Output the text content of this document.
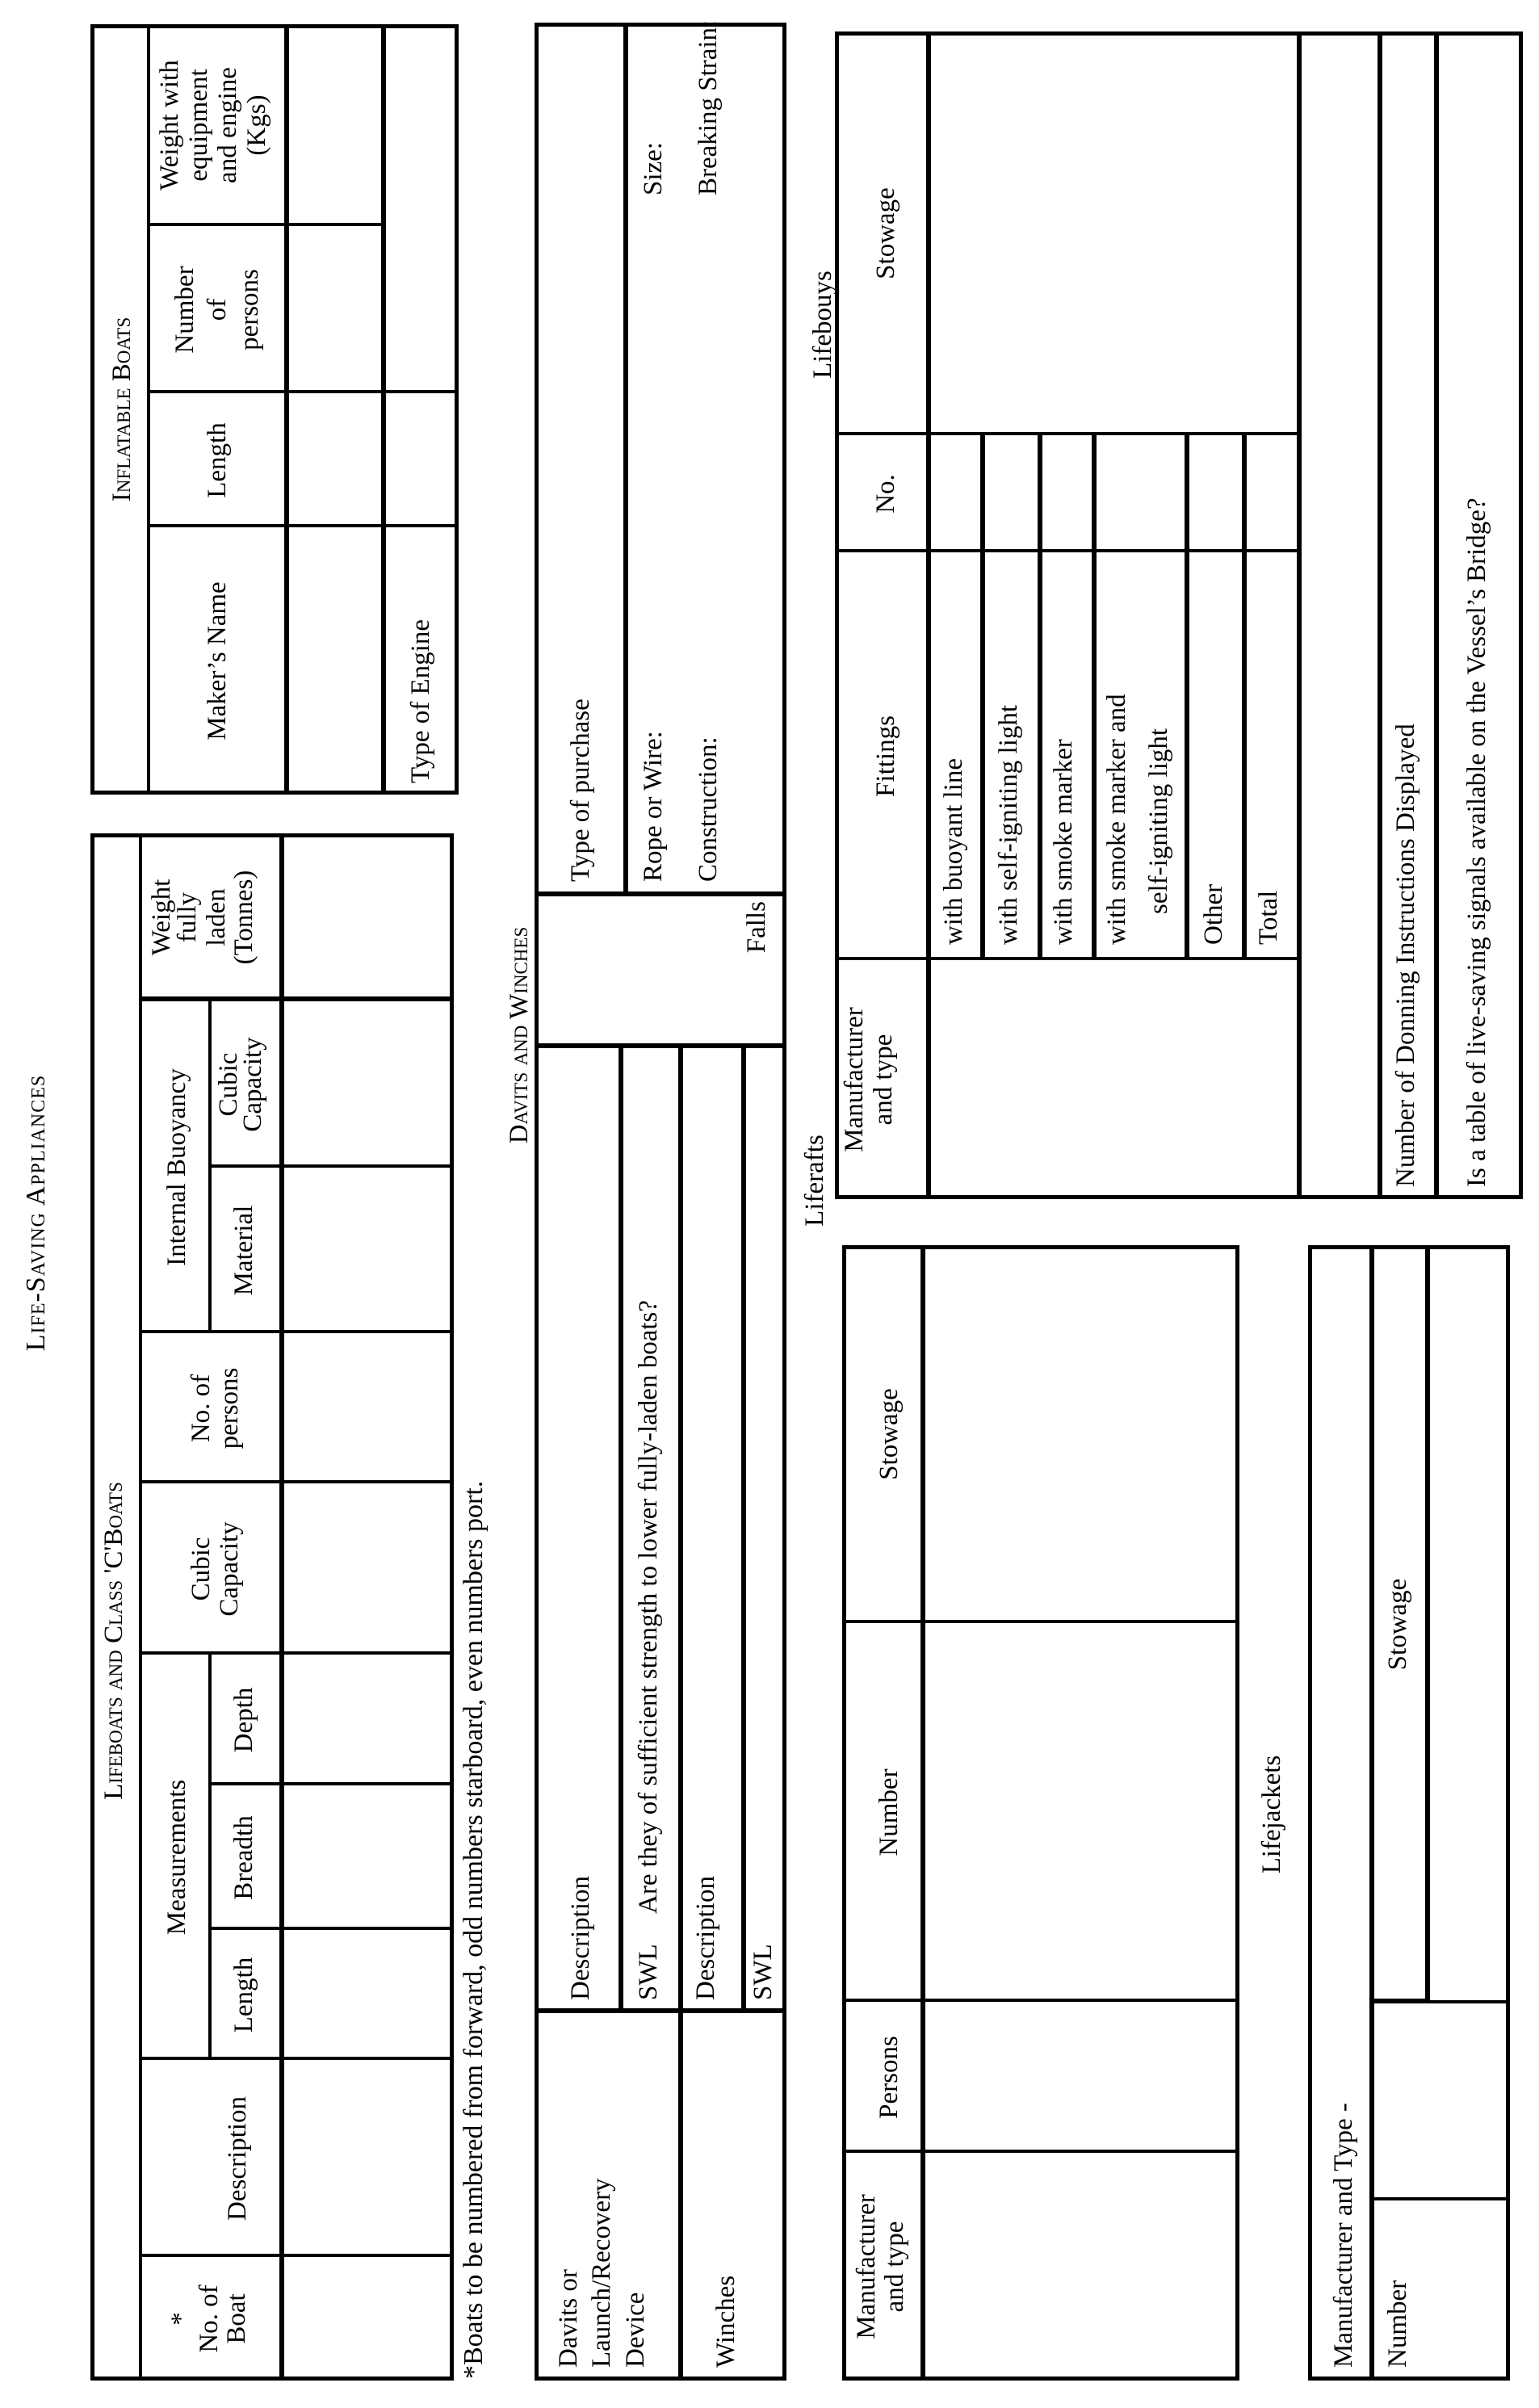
Life-Saving Appliances
Lifeboats and Class 'C'Boats
* No. of
Boat
Description
Measurements
Length
Breadth
Depth
Cubic Capacity
No. of persons
Internal Buoyancy Material
Cubic
Capacity
Weight
fully laden
(Tonnes)
*Boats to be numbered from forward, odd numbers starboard, even numbers port.
Inflatable Boats
Maker’s Name
Length
Number of persons
Weight with equipment and engine (Kgs)
Type of Engine
Davits and Winches
Davits or Launch/Recovery Device
Description SWL
Are they of sufficient strength to lower fully-laden boats?
Winches
Description SWL
Falls
Type of purchase Rope or Wire: Construction:
Size: Breaking Strain:
Liferafts
Manufacturer and type
Persons
Number
Stowage
Lifebouys
Manufacturer and type
Fittings
No.
Stowage
with buoyant line with self-igniting light with smoke marker with smoke marker and self-igniting light
Other Total	Number of Donning Instructions Displayed Is a table of live-saving signals available on the Vessel’s Bridge?
Lifejackets
Manufacturer and Type - Number
Stowage
